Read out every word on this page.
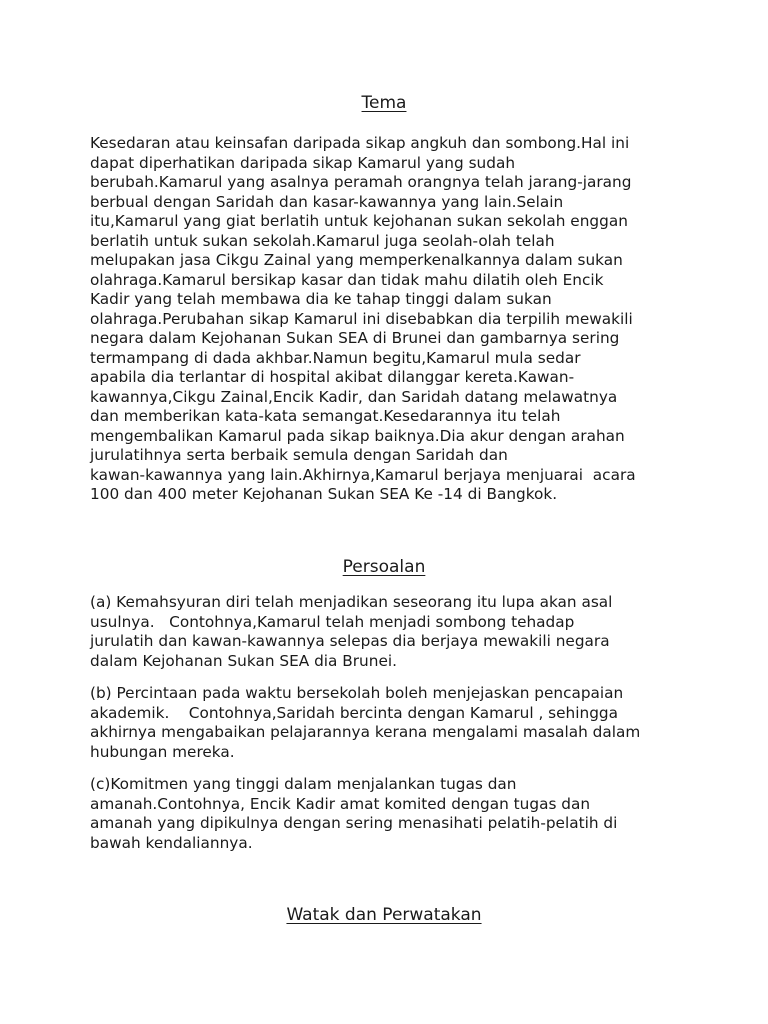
Tema
Kesedaran atau keinsafan daripada sikap angkuh dan sombong.Hal ini
dapat diperhatikan daripada sikap Kamarul yang sudah
berubah.Kamarul yang asalnya peramah orangnya telah jarang-jarang
berbual dengan Saridah dan kasar-kawannya yang lain.Selain
itu,Kamarul yang giat berlatih untuk kejohanan sukan sekolah enggan
berlatih untuk sukan sekolah.Kamarul juga seolah-olah telah
melupakan jasa Cikgu Zainal yang memperkenalkannya dalam sukan
olahraga.Kamarul bersikap kasar dan tidak mahu dilatih oleh Encik
Kadir yang telah membawa dia ke tahap tinggi dalam sukan
olahraga.Perubahan sikap Kamarul ini disebabkan dia terpilih mewakili
negara dalam Kejohanan Sukan SEA di Brunei dan gambarnya sering
termampang di dada akhbar.Namun begitu,Kamarul mula sedar
apabila dia terlantar di hospital akibat dilanggar kereta.Kawan-
kawannya,Cikgu Zainal,Encik Kadir, dan Saridah datang melawatnya
dan memberikan kata-kata semangat.Kesedarannya itu telah
mengembalikan Kamarul pada sikap baiknya.Dia akur dengan arahan
jurulatihnya serta berbaik semula dengan Saridah dan
kawan-kawannya yang lain.Akhirnya,Kamarul berjaya menjuarai  acara
100 dan 400 meter Kejohanan Sukan SEA Ke -14 di Bangkok.
Persoalan
(a) Kemahsyuran diri telah menjadikan seseorang itu lupa akan asal
usulnya.   Contohnya,Kamarul telah menjadi sombong tehadap
jurulatih dan kawan-kawannya selepas dia berjaya mewakili negara
dalam Kejohanan Sukan SEA dia Brunei.
(b) Percintaan pada waktu bersekolah boleh menjejaskan pencapaian
akademik.    Contohnya,Saridah bercinta dengan Kamarul , sehingga
akhirnya mengabaikan pelajarannya kerana mengalami masalah dalam
hubungan mereka.
(c)Komitmen yang tinggi dalam menjalankan tugas dan
amanah.Contohnya, Encik Kadir amat komited dengan tugas dan
amanah yang dipikulnya dengan sering menasihati pelatih-pelatih di
bawah kendaliannya.
Watak dan Perwatakan
